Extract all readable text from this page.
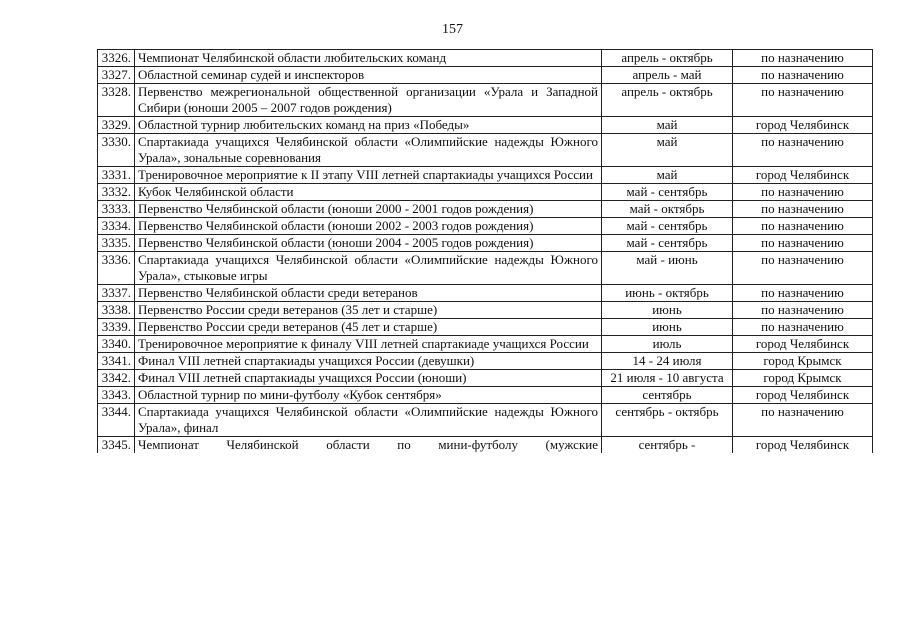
157
3326.	Чемпионат Челябинской области любительских команд	апрель - октябрь	по назначению
3327.	Областной семинар судей и инспекторов	апрель - май	по назначению
3328.	Первенство межрегиональной общественной организации «Урала и Западной Сибири (юноши 2005 – 2007 годов рождения)	апрель - октябрь	по назначению
3329.	Областной турнир любительских команд на приз «Победы»	май	город Челябинск
3330.	Спартакиада учащихся Челябинской области «Олимпийские надежды Южного Урала», зональные соревнования	май	по назначению
3331.	Тренировочное мероприятие к II этапу VIII летней спартакиады учащихся России	май	город Челябинск
3332.	Кубок Челябинской области	май - сентябрь	по назначению
3333.	Первенство Челябинской области (юноши 2000 - 2001 годов рождения)	май - октябрь	по назначению
3334.	Первенство Челябинской области (юноши 2002 - 2003 годов рождения)	май - сентябрь	по назначению
3335.	Первенство Челябинской области (юноши 2004 - 2005 годов рождения)	май - сентябрь	по назначению
3336.	Спартакиада учащихся Челябинской области «Олимпийские надежды Южного Урала», стыковые игры	май - июнь	по назначению
3337.	Первенство Челябинской области среди ветеранов	июнь - октябрь	по назначению
3338.	Первенство России среди ветеранов (35 лет и старше)	июнь	по назначению
3339.	Первенство России среди ветеранов (45 лет и старше)	июнь	по назначению
3340.	Тренировочное мероприятие к финалу VIII летней спартакиаде учащихся России	июль	город Челябинск
3341.	Финал VIII летней спартакиады учащихся России (девушки)	14 - 24 июля	город Крымск
3342.	Финал VIII летней спартакиады учащихся России (юноши)	21 июля - 10 августа	город Крымск
3343.	Областной турнир по мини-футболу «Кубок сентября»	сентябрь	город Челябинск
3344.	Спартакиада учащихся Челябинской области «Олимпийские надежды Южного Урала», финал	сентябрь - октябрь	по назначению
3345.	Чемпионат Челябинской области по мини-футболу (мужские	сентябрь -	город Челябинск
